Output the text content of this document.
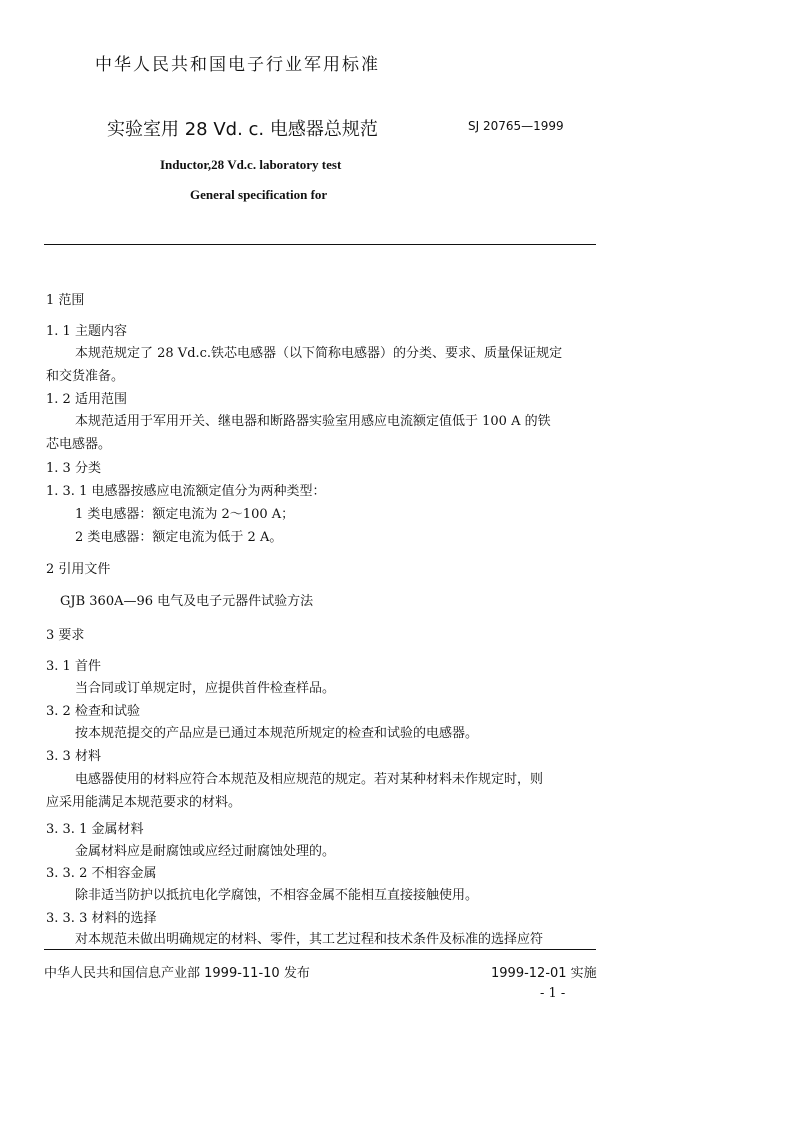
中华人民共和国电子行业军用标准
实验室用 28 Vd. c. 电感器总规范	SJ 20765—1999
Inductor,28 Vd.c. laboratory test
General specification for
1 范围
1. 1 主题内容
本规范规定了 28 Vd.c.铁芯电感器（以下简称电感器）的分类、要求、质量保证规定
和交货准备。
1. 2 适用范围
本规范适用于军用开关、继电器和断路器实验室用感应电流额定值低于 100 A 的铁
芯电感器。
1. 3 分类
1. 3. 1 电感器按感应电流额定值分为两种类型：
1 类电感器：额定电流为 2～100 A；
2 类电感器：额定电流为低于 2 A。
2 引用文件
GJB 360A—96 电气及电子元器件试验方法
3 要求
3. 1 首件
当合同或订单规定时，应提供首件检查样品。
3. 2 检查和试验
按本规范提交的产品应是已通过本规范所规定的检查和试验的电感器。
3. 3 材料
电感器使用的材料应符合本规范及相应规范的规定。若对某种材料未作规定时，则
应采用能满足本规范要求的材料。
3. 3. 1 金属材料
金属材料应是耐腐蚀或应经过耐腐蚀处理的。
3. 3. 2 不相容金属
除非适当防护以抵抗电化学腐蚀，不相容金属不能相互直接接触使用。
3. 3. 3 材料的选择
中华人民共和国信息产业部 1999-11-10 发布	1999-12-01 实施
- 1 -
对本规范未做出明确规定的材料、零件，其工艺过程和技术条件及标准的选择应符
